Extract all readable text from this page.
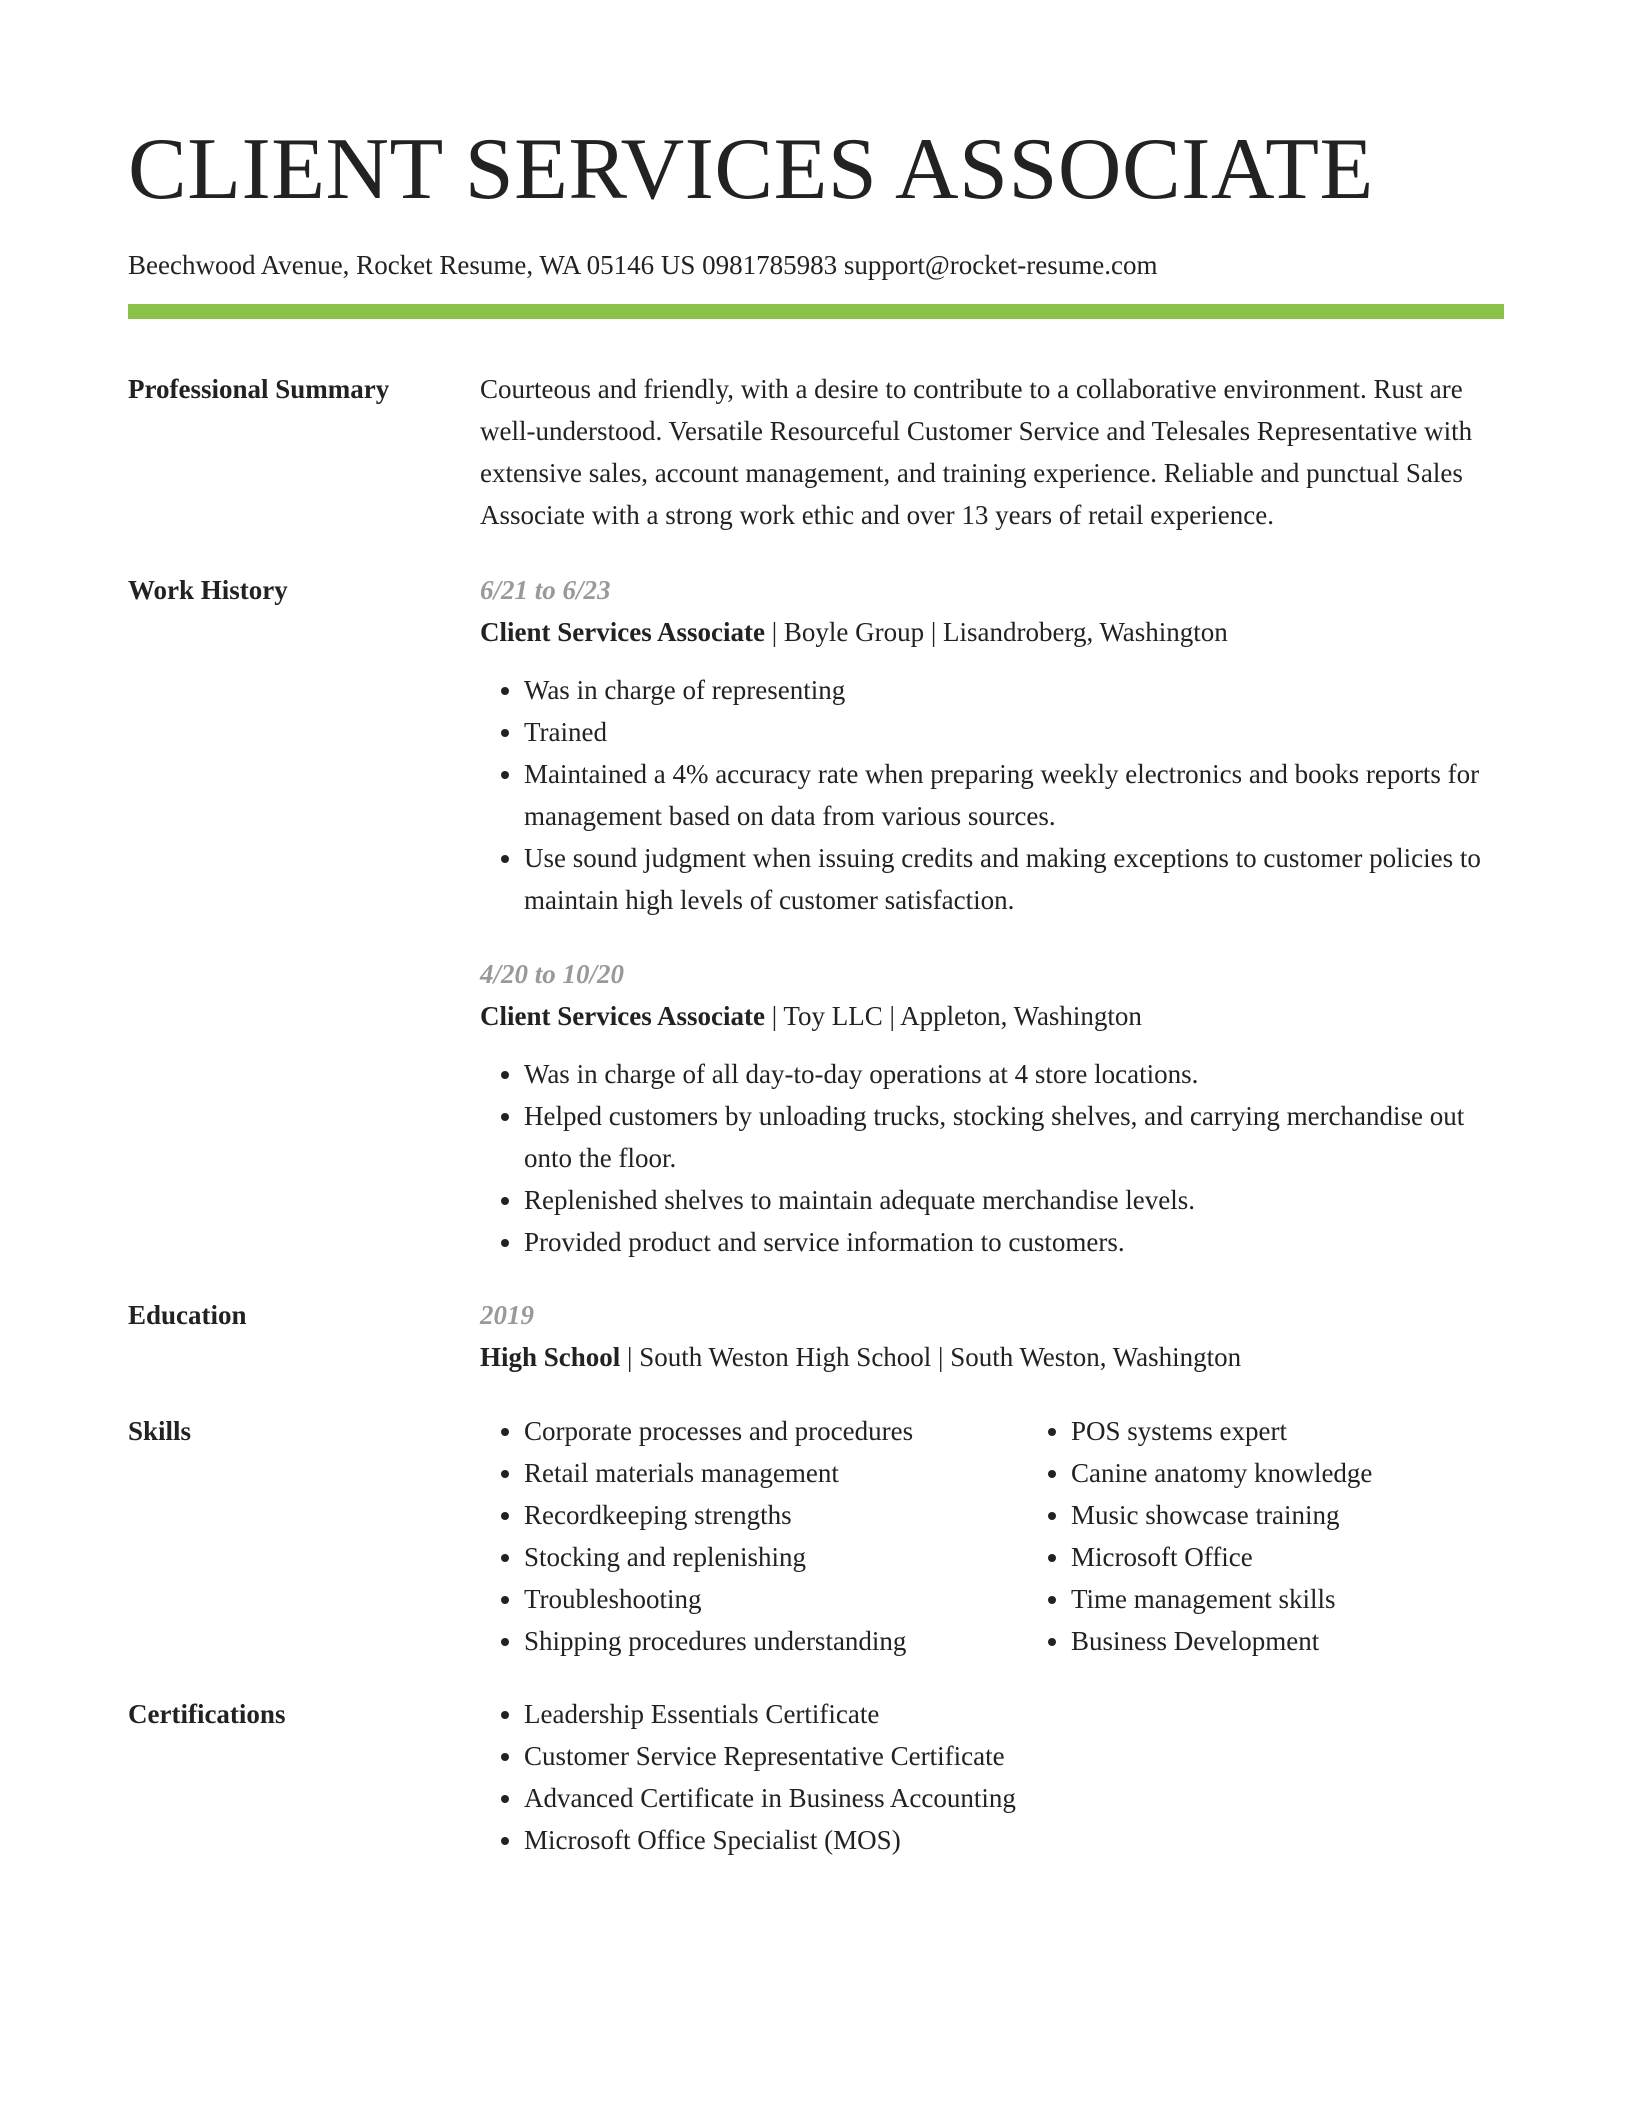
CLIENT SERVICES ASSOCIATE
Beechwood Avenue, Rocket Resume, WA 05146 US 0981785983 support@rocket-resume.com
Professional Summary	Courteous and friendly, with a desire to contribute to a collaborative environment. Rust are well-understood. Versatile Resourceful Customer Service and Telesales Representative with extensive sales, account management, and training experience. Reliable and punctual Sales Associate with a strong work ethic and over 13 years of retail experience.
Work History	6/21 to 6/23
Client Services Associate | Boyle Group | Lisandroberg, Washington
• Was in charge of representing
• Trained
• Maintained a 4% accuracy rate when preparing weekly electronics and books reports for management based on data from various sources.
• Use sound judgment when issuing credits and making exceptions to customer policies to maintain high levels of customer satisfaction.
4/20 to 10/20
Client Services Associate | Toy LLC | Appleton, Washington
• Was in charge of all day-to-day operations at 4 store locations.
• Helped customers by unloading trucks, stocking shelves, and carrying merchandise out onto the floor.
• Replenished shelves to maintain adequate merchandise levels.
• Provided product and service information to customers.
Education	2019
High School | South Weston High School | South Weston, Washington
Skills	• Corporate processes and procedures
• Retail materials management
• Recordkeeping strengths
• Stocking and replenishing
• Troubleshooting
• Shipping procedures understanding
• POS systems expert
• Canine anatomy knowledge
• Music showcase training
• Microsoft Office
• Time management skills
• Business Development
Certifications	• Leadership Essentials Certificate
• Customer Service Representative Certificate
• Advanced Certificate in Business Accounting
• Microsoft Office Specialist (MOS)
